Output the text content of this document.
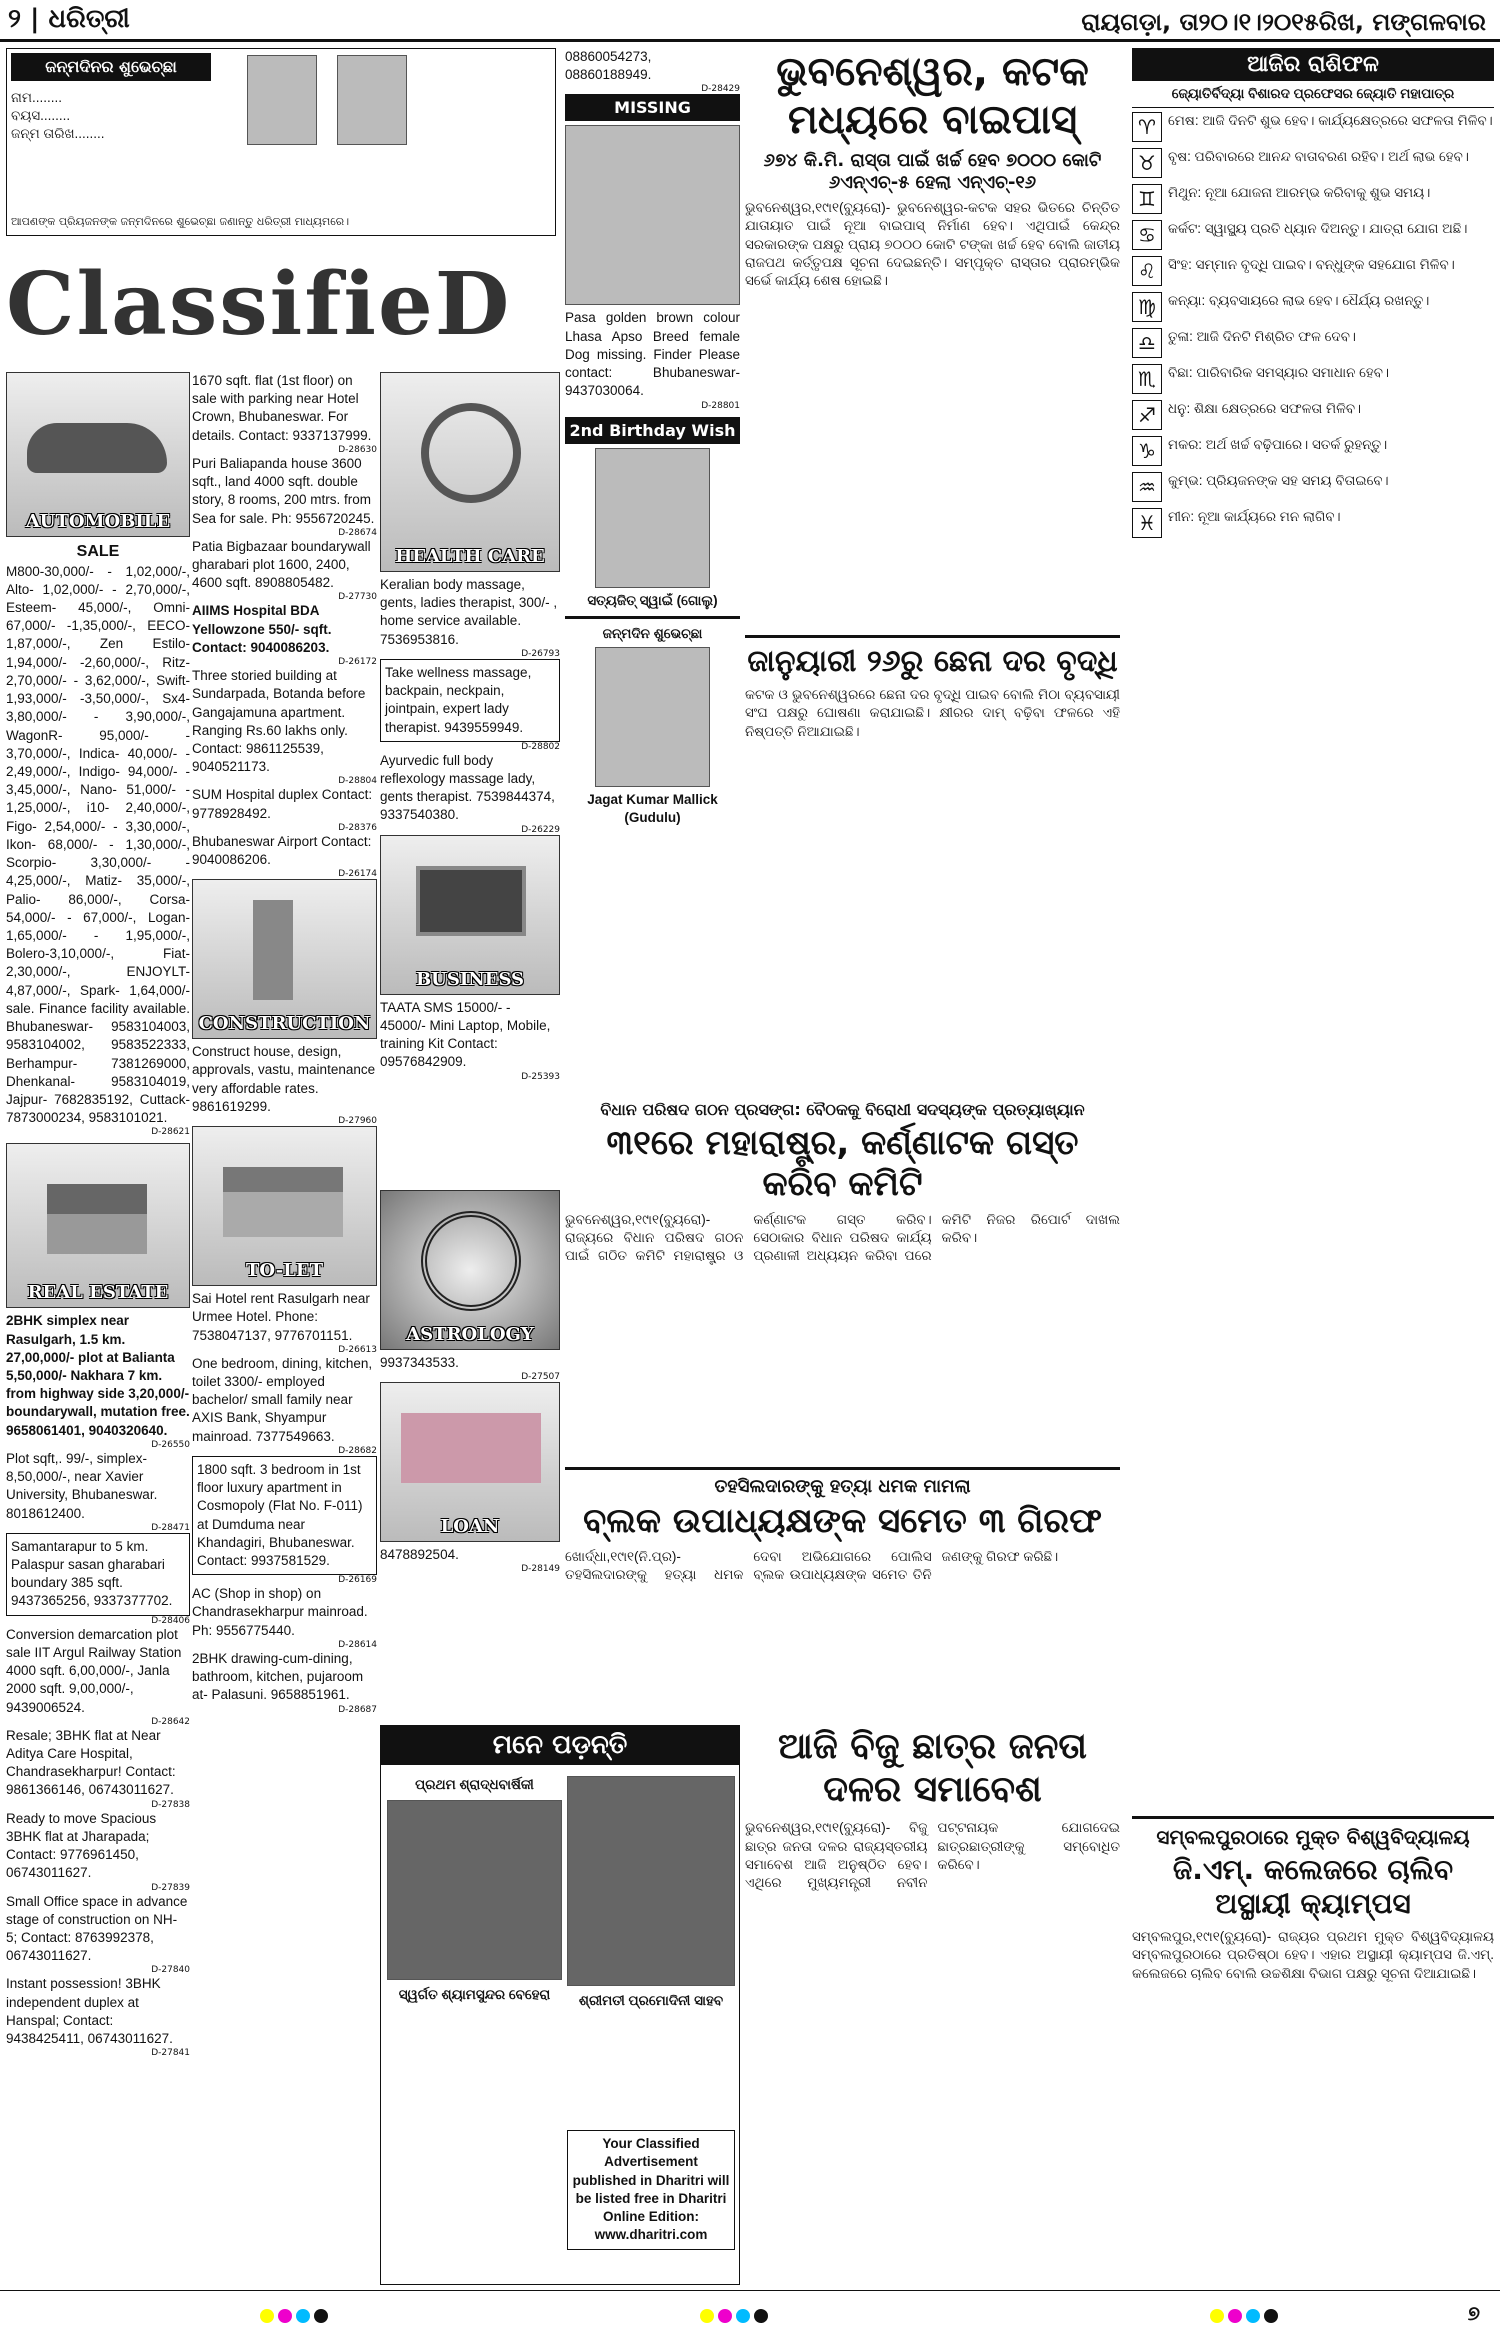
୨ | ଧରିତ୍ରୀ	ରାୟଗଡ଼ା, ତା୨୦।୧।୨୦୧୫ରିଖ, ମଙ୍ଗଳବାର
ଜନ୍ମଦିନର ଶୁଭେଚ୍ଛା
ନାମ........
ବୟସ........
ଜନ୍ମ ତାରିଖ........
ଆପଣଙ୍କ ପ୍ରିୟଜନଙ୍କ ଜନ୍ମଦିନରେ ଶୁଭେଚ୍ଛା ଜଣାନ୍ତୁ ଧରିତ୍ରୀ ମାଧ୍ୟମରେ।
ClassifieD
AUTOMOBILE
SALE
M800-30,000/- - 1,02,000/-, Alto- 1,02,000/- - 2,70,000/-, Esteem- 45,000/-, Omni- 67,000/- -1,35,000/-, EECO- 1,87,000/-, Zen Estilo- 1,94,000/- -2,60,000/-, Ritz- 2,70,000/- - 3,62,000/-, Swift- 1,93,000/- -3,50,000/-, Sx4- 3,80,000/- - 3,90,000/-, WagonR- 95,000/- - 3,70,000/-, Indica- 40,000/- - 2,49,000/-, Indigo- 94,000/- - 3,45,000/-, Nano- 51,000/- - 1,25,000/-, i10- 2,40,000/-, Figo- 2,54,000/- - 3,30,000/-, Ikon- 68,000/- - 1,30,000/-, Scorpio- 3,30,000/- - 4,25,000/-, Matiz- 35,000/-, Palio- 86,000/-, Corsa- 54,000/- - 67,000/-, Logan- 1,65,000/- - 1,95,000/-, Bolero-3,10,000/-, Fiat- 2,30,000/-, ENJOYLT- 4,87,000/-, Spark- 1,64,000/- sale. Finance facility available. Bhubaneswar- 9583104003, 9583104002, 9583522333, Berhampur- 7381269000, Dhenkanal- 9583104019, Jajpur- 7682835192, Cuttack- 7873000234, 9583101021.
D-28621
REAL ESTATE
2BHK simplex near Rasulgarh, 1.5 km. 27,00,000/- plot at Balianta 5,50,000/- Nakhara 7 km. from highway side 3,20,000/- boundarywall, mutation free. 9658061401, 9040320640.
D-26550
Plot sqft,. 99/-, simplex- 8,50,000/-, near Xavier University, Bhubaneswar. 8018612400.
D-28471
Samantarapur to 5 km. Palaspur sasan gharabari boundary 385 sqft. 9437365256, 9337377702.
D-28406
Conversion demarcation plot sale IIT Argul Railway Station 4000 sqft. 6,00,000/-, Janla 2000 sqft. 9,00,000/-, 9439006524.
D-28642
Resale; 3BHK flat at Near Aditya Care Hospital, Chandrasekharpur! Contact: 9861366146, 06743011627.
D-27838
Ready to move Spacious 3BHK flat at Jharapada; Contact: 9776961450, 06743011627.
D-27839
Small Office space in advance stage of construction on NH- 5; Contact: 8763992378, 06743011627.
D-27840
Instant possession! 3BHK independent duplex at Hanspal; Contact: 9438425411, 06743011627.
D-27841
1670 sqft. flat (1st floor) on sale with parking near Hotel Crown, Bhubaneswar. For details. Contact: 9337137999.
D-28630
Puri Baliapanda house 3600 sqft., land 4000 sqft. double story, 8 rooms, 200 mtrs. from Sea for sale. Ph: 9556720245.
D-28674
Patia Bigbazaar boundarywall gharabari plot 1600, 2400, 4600 sqft. 8908805482.
D-27730
AIIMS Hospital BDA Yellowzone 550/- sqft. Contact: 9040086203.
D-26172
Three storied building at Sundarpada, Botanda before Gangajamuna apartment. Ranging Rs.60 lakhs only. Contact: 9861125539, 9040521173.
D-28804
SUM Hospital duplex Contact: 9778928492.
D-28376
Bhubaneswar Airport Contact: 9040086206.
D-26174
CONSTRUCTION
Construct house, design, approvals, vastu, maintenance very affordable rates. 9861619299.
D-27960
TO-LET
Sai Hotel rent Rasulgarh near Urmee Hotel. Phone: 7538047137, 9776701151.
D-26613
One bedroom, dining, kitchen, toilet 3300/- employed bachelor/ small family near AXIS Bank, Shyampur mainroad. 7377549663.
D-28682
1800 sqft. 3 bedroom in 1st floor luxury apartment in Cosmopoly (Flat No. F-011) at Dumduma near Khandagiri, Bhubaneswar. Contact: 9937581529.
D-26169
AC (Shop in shop) on Chandrasekharpur mainroad. Ph: 9556775440.
D-28614
2BHK drawing-cum-dining, bathroom, kitchen, pujaroom at- Palasuni. 9658851961.
D-28687
HEALTH CARE
Keralian body massage, gents, ladies therapist, 300/- , home service available. 7536953816.
D-26793
Take wellness massage, backpain, neckpain, jointpain, expert lady therapist. 9439559949.
D-28802
Ayurvedic full body reflexology massage lady, gents therapist. 7539844374, 9337540380.
D-26229
BUSINESS
TAATA SMS 15000/- - 45000/- Mini Laptop, Mobile, training Kit Contact: 09576842909.
D-25393
ASTROLOGY
9937343533.
D-27507
LOAN
8478892504.
D-28149
08860054273, 08860188949.
D-28429
MISSING
Pasa golden brown colour Lhasa Apso Breed female Dog missing. Finder Please contact: Bhubaneswar- 9437030064.
D-28801
2nd Birthday Wish
ସତ୍ୟଜିତ୍ ସ୍ୱାଇଁ (ଗୋଲୁ)
ଜନ୍ମଦିନ ଶୁଭେଚ୍ଛା
Jagat Kumar Mallick (Gudulu)
ମନେ ପଡ଼ନ୍ତି
ପ୍ରଥମ ଶ୍ରାଦ୍ଧବାର୍ଷିକୀ
ସ୍ୱର୍ଗତ ଶ୍ୟାମସୁନ୍ଦର ବେହେରା	ଶ୍ରୀମତୀ ପ୍ରମୋଦିନୀ ସାହବ
Your Classified Advertisement published in Dharitri will be listed free in Dharitri Online Edition: www.dharitri.com
ଭୁବନେଶ୍ୱର, କଟକ ମଧ୍ୟରେ ବାଇପାସ୍‌
୬୭୪ କି.ମି. ରାସ୍ତା ପାଇଁ ଖର୍ଚ୍ଚ ହେବ ୭୦୦୦ କୋଟି
୬ଏନ୍‌ଏଚ୍‌-୫ ହେଲା ଏନ୍‌ଏଚ୍‌-୧୬
ଭୁବନେଶ୍ୱର,୧୯ା୧(ବ୍ୟୁରୋ)- ଭୁବନେଶ୍ୱର-କଟକ ସହର ଭିତରେ ଚିନ୍ତିତ ଯାତାୟାତ ପାଇଁ ନୂଆ ବାଇପାସ୍ ନିର୍ମାଣ ହେବ। ଏଥିପାଇଁ କେନ୍ଦ୍ର ସରକାରଙ୍କ ପକ୍ଷରୁ ପ୍ରାୟ ୭୦୦୦ କୋଟି ଟଙ୍କା ଖର୍ଚ୍ଚ ହେବ ବୋଲି ଜାତୀୟ ରାଜପଥ କର୍ତ୍ତୃପକ୍ଷ ସୂଚନା ଦେଇଛନ୍ତି। ସମ୍ପୃକ୍ତ ରାସ୍ତାର ପ୍ରାରମ୍ଭିକ ସର୍ଭେ କାର୍ଯ୍ୟ ଶେଷ ହୋଇଛି।
ଜାନୁୟାରୀ ୨୬ରୁ ଛେନା ଦର ବୃଦ୍ଧି
କଟକ ଓ ଭୁବନେଶ୍ୱରରେ ଛେନା ଦର ବୃଦ୍ଧି ପାଇବ ବୋଲି ମିଠା ବ୍ୟବସାୟୀ ସଂଘ ପକ୍ଷରୁ ଘୋଷଣା କରାଯାଇଛି। କ୍ଷୀରର ଦାମ୍ ବଢ଼ିବା ଫଳରେ ଏହି ନିଷ୍ପତ୍ତି ନିଆଯାଇଛି।
ବିଧାନ ପରିଷଦ ଗଠନ ପ୍ରସଙ୍ଗ: ବୈଠକକୁ ବିରୋଧୀ ସଦସ୍ୟଙ୍କ ପ୍ରତ୍ୟାଖ୍ୟାନ
୩୧ରେ ମହାରାଷ୍ଟ୍ର, କର୍ଣ୍ଣାଟକ ଗସ୍ତ କରିବ କମିଟି
ଭୁବନେଶ୍ୱର,୧୯ା୧(ବ୍ୟୁରୋ)- ରାଜ୍ୟରେ ବିଧାନ ପରିଷଦ ଗଠନ ପାଇଁ ଗଠିତ କମିଟି ମହାରାଷ୍ଟ୍ର ଓ କର୍ଣ୍ଣାଟକ ଗସ୍ତ କରିବ। ସେଠାକାର ବିଧାନ ପରିଷଦ କାର୍ଯ୍ୟ ପ୍ରଣାଳୀ ଅଧ୍ୟୟନ କରିବା ପରେ କମିଟି ନିଜର ରିପୋର୍ଟ ଦାଖଲ କରିବ।
ତହସିଲଦାରଙ୍କୁ ହତ୍ୟା ଧମକ ମାମଲା
ବ୍ଲକ ଉପାଧ୍ୟକ୍ଷଙ୍କ ସମେତ ୩ ଗିରଫ
ଖୋର୍ଦ୍ଧା,୧୯ା୧(ନି.ପ୍ର)- ତହସିଲଦାରଙ୍କୁ ହତ୍ୟା ଧମକ ଦେବା ଅଭିଯୋଗରେ ପୋଲିସ ବ୍ଲକ ଉପାଧ୍ୟକ୍ଷଙ୍କ ସମେତ ତିନି ଜଣଙ୍କୁ ଗିରଫ କରିଛି।
ଆଜି ବିଜୁ ଛାତ୍ର ଜନତା ଦଳର ସମାବେଶ
ଭୁବନେଶ୍ୱର,୧୯ା୧(ବ୍ୟୁରୋ)- ବିଜୁ ଛାତ୍ର ଜନତା ଦଳର ରାଜ୍ୟସ୍ତରୀୟ ସମାବେଶ ଆଜି ଅନୁଷ୍ଠିତ ହେବ। ଏଥିରେ ମୁଖ୍ୟମନ୍ତ୍ରୀ ନବୀନ ପଟ୍ଟନାୟକ ଯୋଗଦେଇ ଛାତ୍ରଛାତ୍ରୀଙ୍କୁ ସମ୍ବୋଧିତ କରିବେ।
ଆଜିର ରାଶିଫଳ
ଜ୍ୟୋତିର୍ବିଦ୍ୟା ବିଶାରଦ ପ୍ରଫେସର ଜ୍ୟୋତି ମହାପାତ୍ର
♈ ମେଷ: ଆଜି ଦିନଟି ଶୁଭ ହେବ। କାର୍ଯ୍ୟକ୍ଷେତ୍ରରେ ସଫଳତା ମିଳିବ।
♉ ବୃଷ: ପରିବାରରେ ଆନନ୍ଦ ବାତାବରଣ ରହିବ। ଅର୍ଥ ଲାଭ ହେବ।
♊ ମିଥୁନ: ନୂଆ ଯୋଜନା ଆରମ୍ଭ କରିବାକୁ ଶୁଭ ସମୟ।
♋ କର୍କଟ: ସ୍ୱାସ୍ଥ୍ୟ ପ୍ରତି ଧ୍ୟାନ ଦିଅନ୍ତୁ। ଯାତ୍ରା ଯୋଗ ଅଛି।
♌ ସିଂହ: ସମ୍ମାନ ବୃଦ୍ଧି ପାଇବ। ବନ୍ଧୁଙ୍କ ସହଯୋଗ ମିଳିବ।
♍ କନ୍ୟା: ବ୍ୟବସାୟରେ ଲାଭ ହେବ। ଧୈର୍ଯ୍ୟ ରଖନ୍ତୁ।
♎ ତୁଳା: ଆଜି ଦିନଟି ମିଶ୍ରିତ ଫଳ ଦେବ।
♏ ବିଛା: ପାରିବାରିକ ସମସ୍ୟାର ସମାଧାନ ହେବ।
♐ ଧନୁ: ଶିକ୍ଷା କ୍ଷେତ୍ରରେ ସଫଳତା ମିଳିବ।
♑ ମକର: ଅର୍ଥ ଖର୍ଚ୍ଚ ବଢ଼ିପାରେ। ସତର୍କ ରୁହନ୍ତୁ।
♒ କୁମ୍ଭ: ପ୍ରିୟଜନଙ୍କ ସହ ସମୟ ବିତାଇବେ।
♓ ମୀନ: ନୂଆ କାର୍ଯ୍ୟରେ ମନ ଲାଗିବ।
ସମ୍ବଲପୁରଠାରେ ମୁକ୍ତ ବିଶ୍ୱବିଦ୍ୟାଳୟ
ଜି.ଏମ୍. କଲେଜରେ ଚାଲିବ ଅସ୍ଥାୟୀ କ୍ୟାମ୍ପସ
ସମ୍ବଲପୁର,୧୯ା୧(ବ୍ୟୁରୋ)- ରାଜ୍ୟର ପ୍ରଥମ ମୁକ୍ତ ବିଶ୍ୱବିଦ୍ୟାଳୟ ସମ୍ବଲପୁରଠାରେ ପ୍ରତିଷ୍ଠା ହେବ। ଏହାର ଅସ୍ଥାୟୀ କ୍ୟାମ୍ପସ ଜି.ଏମ୍. କଲେଜରେ ଚାଲିବ ବୋଲି ଉଚ୍ଚଶିକ୍ଷା ବିଭାଗ ପକ୍ଷରୁ ସୂଚନା ଦିଆଯାଇଛି।
୭
